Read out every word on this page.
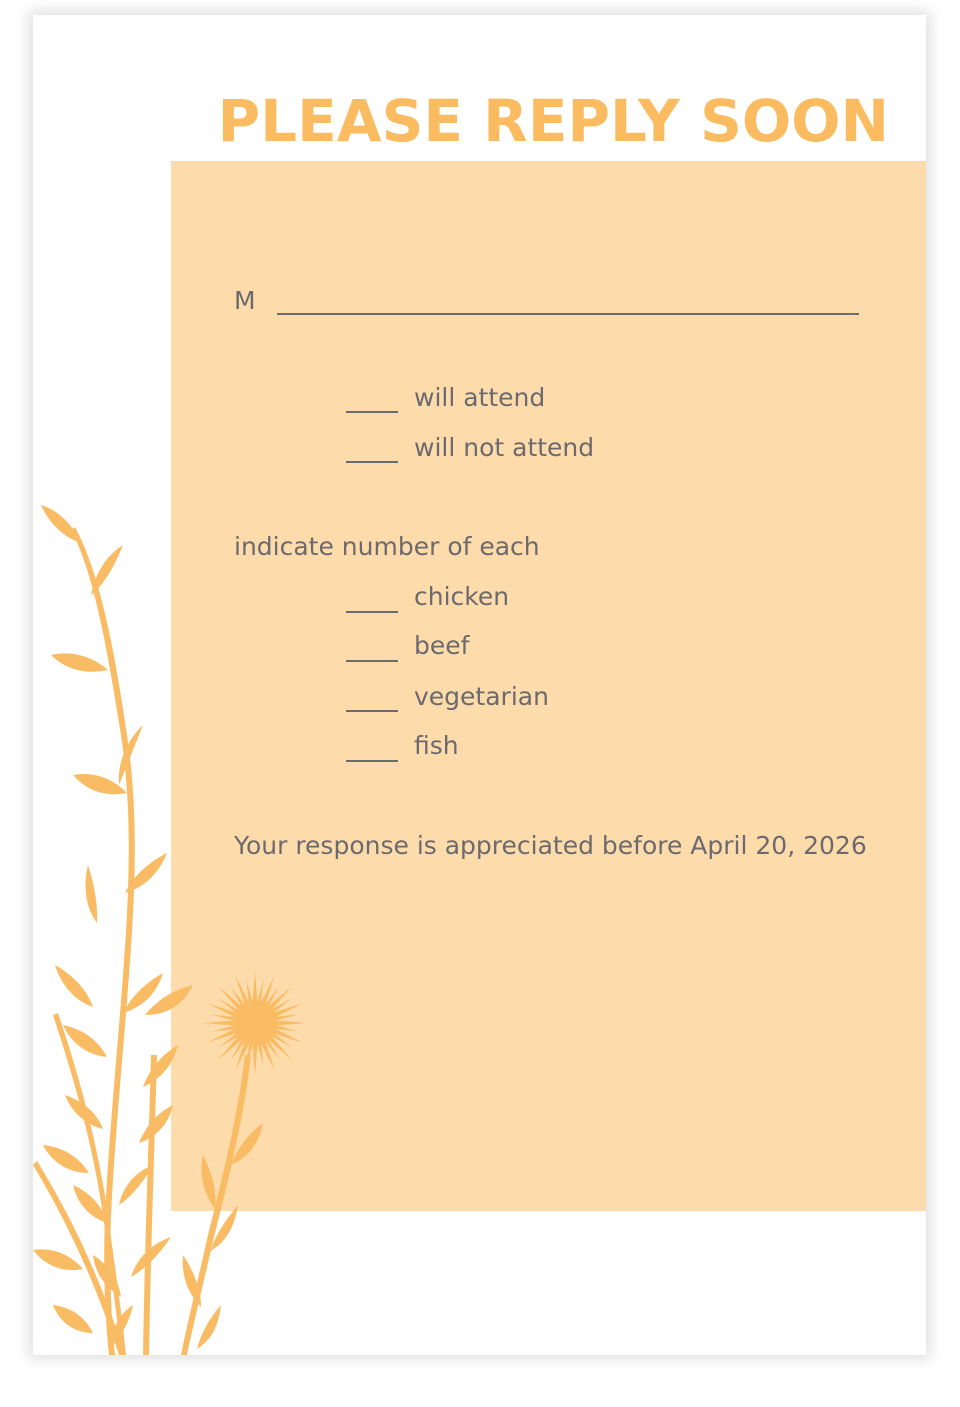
M
will attend
will not attend
indicate number of each
chicken
beef
vegetarian
fish
Your response is appreciated before April 20, 2026
PLEASE REPLY SOON
